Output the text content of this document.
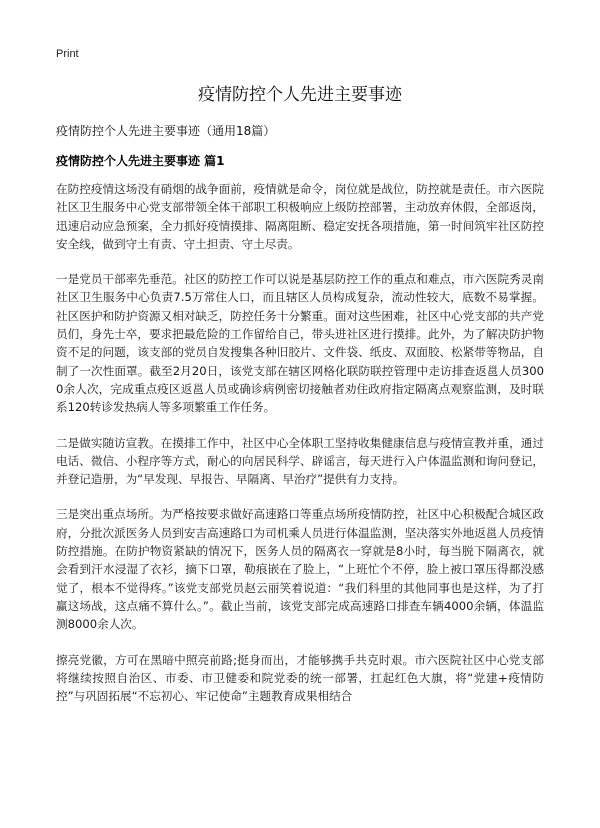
Print
疫情防控个人先进主要事迹

疫情防控个人先进主要事迹（通用18篇）

疫情防控个人先进主要事迹 篇1

在防控疫情这场没有硝烟的战争面前，疫情就是命令，岗位就是战位，防控就是责任。市六医院社区卫生服务中心党支部带领全体干部职工积极响应上级防控部署，主动放弃休假，全部返岗，迅速启动应急预案，全力抓好疫情摸排、隔离阻断、稳定安抚各项措施，第一时间筑牢社区防控安全线，做到守土有责、守土担责、守土尽责。

一是党员干部率先垂范。社区的防控工作可以说是基层防控工作的重点和难点，市六医院秀灵南社区卫生服务中心负责7.5万常住人口，而且辖区人员构成复杂，流动性较大，底数不易掌握。社区医护和防护资源又相对缺乏，防控任务十分繁重。面对这些困难，社区中心党支部的共产党员们，身先士卒，要求把最危险的工作留给自己，带头进社区进行摸排。此外，为了解决防护物资不足的问题，该支部的党员自发搜集各种旧胶片、文件袋、纸皮、双面胶、松紧带等物品，自制了一次性面罩。截至2月20日，该党支部在辖区网格化联防联控管理中走访排查返邕人员3000余人次，完成重点疫区返邕人员或确诊病例密切接触者劝住政府指定隔离点观察监测，及时联系120转诊发热病人等多项繁重工作任务。

二是做实随访宣教。在摸排工作中，社区中心全体职工坚持收集健康信息与疫情宣教并重，通过电话、微信、小程序等方式，耐心的向居民科学、辟谣言，每天进行入户体温监测和询问登记，并登记造册，为“早发现、早报告、早隔离、早治疗”提供有力支持。

三是突出重点场所。为严格按要求做好高速路口等重点场所疫情防控，社区中心积极配合城区政府，分批次派医务人员到安吉高速路口为司机乘人员进行体温监测，坚决落实外地返邕人员疫情防控措施。在防护物资紧缺的情况下，医务人员的隔离衣一穿就是8小时，每当脱下隔离衣，就会看到汗水浸湿了衣衫，摘下口罩，勒痕嵌在了脸上，“上班忙个不停，脸上被口罩压得都没感觉了，根本不觉得疼。”该党支部党员赵云丽笑着说道：“我们科里的其他同事也是这样，为了打赢这场战，这点痛不算什么。”。截止当前，该党支部完成高速路口排查车辆4000余辆，体温监测8000余人次。

擦亮党徽，方可在黑暗中照亮前路;挺身而出，才能够携手共克时艰。市六医院社区中心党支部将继续按照自治区、市委、市卫健委和院党委的统一部署，扛起红色大旗，将“党建+疫情防控”与巩固拓展“不忘初心、牢记使命”主题教育成果相结合
